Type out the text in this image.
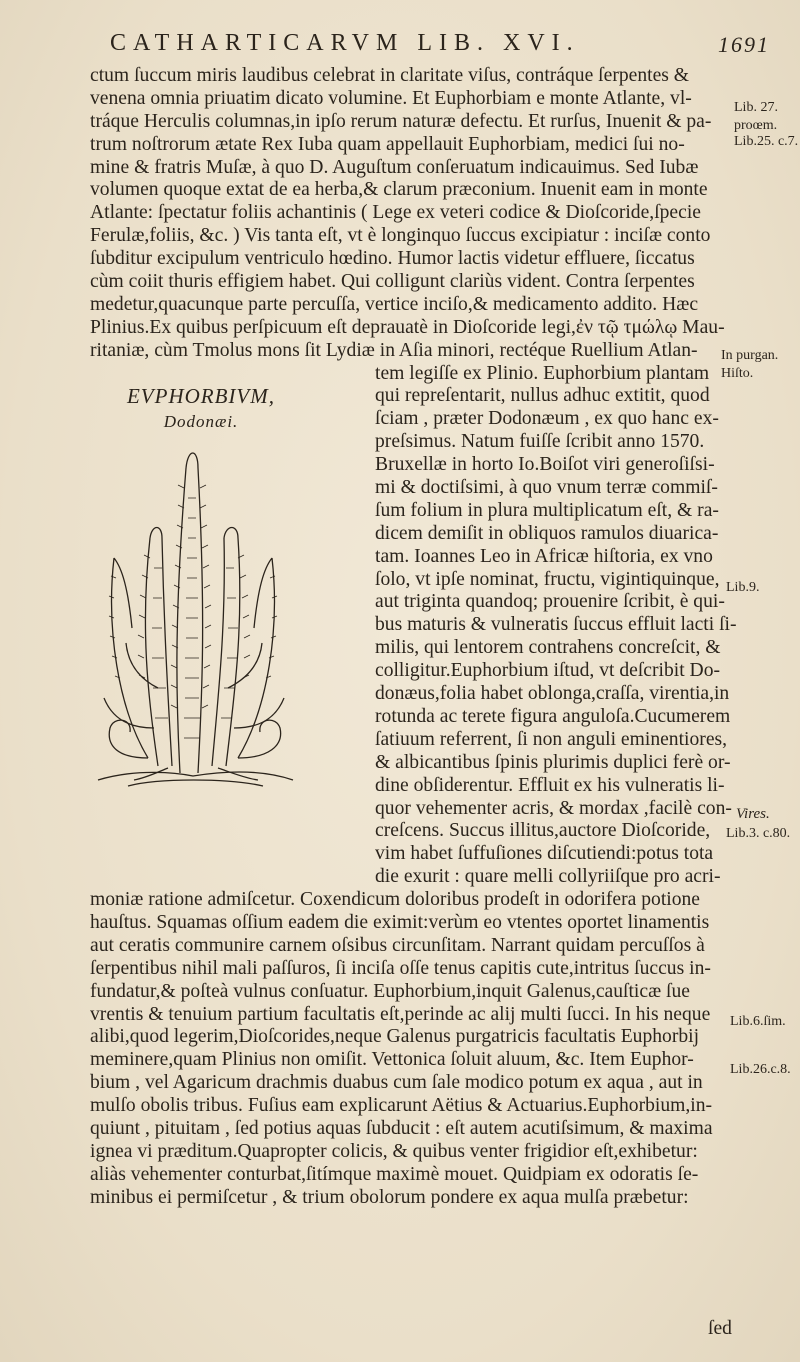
CATHARTICARVM LIB. XVI.	1691
ctum ſuccum miris laudibus celebrat in claritate viſus, contráque ſerpentes &
venena omnia priuatim dicato volumine. Et Euphorbiam e monte Atlante, vl-
tráque Herculis columnas,in ipſo rerum naturæ defectu. Et rurſus, Inuenit & pa-
trum noſtrorum ætate Rex Iuba quam appellauit Euphorbiam, medici ſui no-
mine & fratris Muſæ, à quo D. Auguſtum conſeruatum indicauimus. Sed Iubæ
volumen quoque extat de ea herba,& clarum præconium. Inuenit eam in monte
Atlante: ſpectatur foliis achantinis ( Lege ex veteri codice & Dioſcoride,ſpecie
Ferulæ,foliis, &c. ) Vis tanta eſt, vt è longinquo ſuccus excipiatur : inciſæ conto
ſubditur excipulum ventriculo hœdino. Humor lactis videtur effluere, ſiccatus
cùm coiit thuris effigiem habet. Qui colligunt clariùs vident. Contra ſerpentes
medetur,quacunque parte percuſſa, vertice inciſo,& medicamento addito. Hæc
Plinius.Ex quibus perſpicuum eſt deprauatè in Dioſcoride legi,ἐν τῷ τμώλῳ Mau-
ritaniæ, cùm Tmolus mons ſit Lydiæ in Aſia minori, rectéque Ruellium Atlan-
tem legiſſe ex Plinio. Euphorbium plantam
qui repreſentarit, nullus adhuc extitit, quod
ſciam , præter Dodonæum , ex quo hanc ex-
preſsimus. Natum fuiſſe ſcribit anno 1570.
Bruxellæ in horto Io.Boiſot viri generoſiſsi-
mi & doctiſsimi, à quo vnum terræ commiſ-
ſum folium in plura multiplicatum eſt, & ra-
dicem demiſit in obliquos ramulos diuarica-
tam. Ioannes Leo in Africæ hiſtoria, ex vno
ſolo, vt ipſe nominat, fructu, vigintiquinque,
aut triginta quandoq; prouenire ſcribit, è qui-
bus maturis & vulneratis ſuccus effluit lacti ſi-
milis, qui lentorem contrahens concreſcit, &
colligitur.Euphorbium iſtud, vt deſcribit Do-
donæus,folia habet oblonga,craſſa, virentia,in
rotunda ac terete figura anguloſa.Cucumerem
ſatiuum referrent, ſi non anguli eminentiores,
& albicantibus ſpinis plurimis duplici ferè or-
dine obſiderentur. Effluit ex his vulneratis li-
quor vehementer acris, & mordax ,facilè con-
creſcens. Succus illitus,auctore Dioſcoride,
vim habet ſuffuſiones diſcutiendi:potus tota
die exurit : quare melli collyriiſque pro acri-
moniæ ratione admiſcetur. Coxendicum doloribus prodeſt in odorifera potione
hauſtus. Squamas oſſium eadem die eximit:verùm eo vtentes oportet linamentis
aut ceratis communire carnem oſsibus circunſitam. Narrant quidam percuſſos à
ſerpentibus nihil mali paſſuros, ſi inciſa oſſe tenus capitis cute,intritus ſuccus in-
fundatur,& poſteà vulnus conſuatur. Euphorbium,inquit Galenus,cauſticæ ſue
vrentis & tenuium partium facultatis eſt,perinde ac alij multi ſucci. In his neque
alibi,quod legerim,Dioſcorides,neque Galenus purgatricis facultatis Euphorbij
meminere,quam Plinius non omiſit. Vettonica ſoluit aluum, &c. Item Euphor-
bium , vel Agaricum drachmis duabus cum ſale modico potum ex aqua , aut in
mulſo obolis tribus. Fuſius eam explicarunt Aëtius & Actuarius.Euphorbium,in-
quiunt , pituitam , ſed potius aquas ſubducit : eſt autem acutiſsimum, & maxima
ignea vi præditum.Quapropter colicis, & quibus venter frigidior eſt,exhibetur:
aliàs vehementer conturbat,ſitímque maximè mouet. Quidpiam ex odoratis ſe-
minibus ei permiſcetur , & trium obolorum pondere ex aqua mulſa præbetur:
ſed
Lib. 27.
proœm.
Lib.25. c.7.
In purgan.
Hiſto.
Lib.9.
Vires.
Lib.3. c.80.
Lib.6.ſim.
Lib.26.c.8.
EVPHORBIVM,
Dodonæi.
